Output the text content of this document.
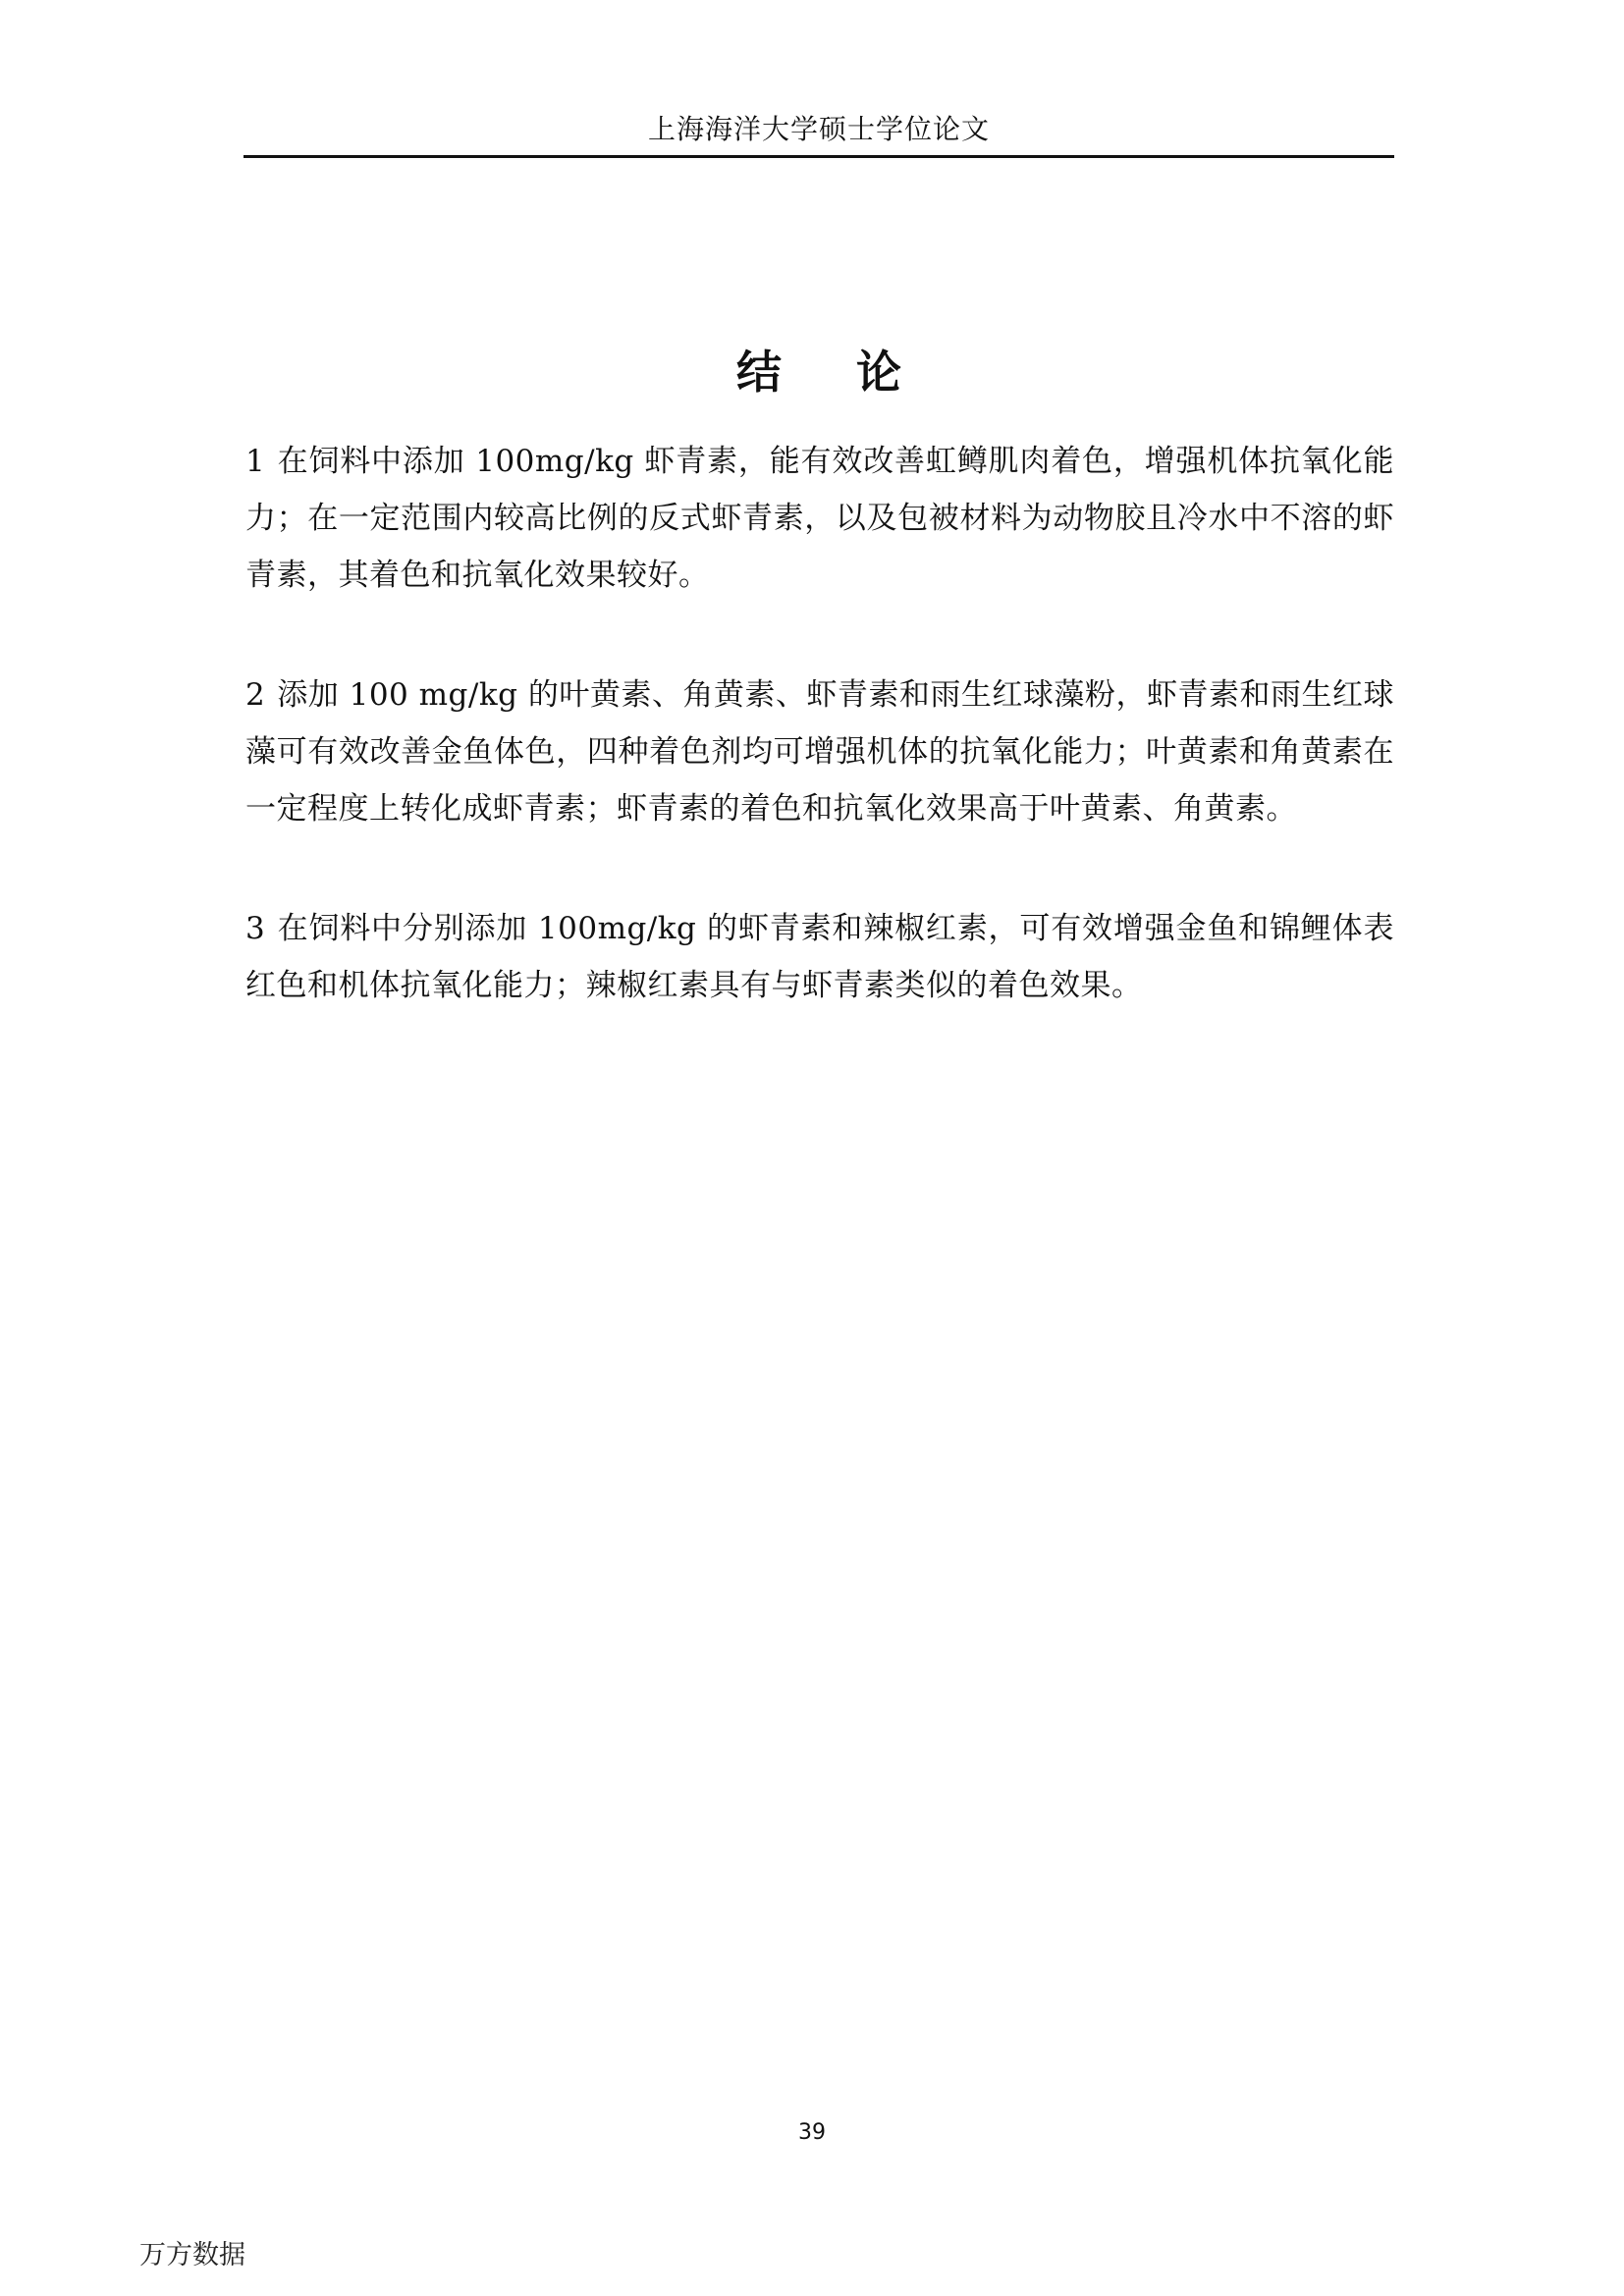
上海海洋大学硕士学位论文
结 论

1 在饲料中添加 100mg/kg 虾青素，能有效改善虹鳟肌肉着色，增强机体抗氧化能力；在一定范围内较高比例的反式虾青素，以及包被材料为动物胶且冷水中不溶的虾青素，其着色和抗氧化效果较好。

2 添加 100 mg/kg 的叶黄素、角黄素、虾青素和雨生红球藻粉，虾青素和雨生红球藻可有效改善金鱼体色，四种着色剂均可增强机体的抗氧化能力；叶黄素和角黄素在一定程度上转化成虾青素；虾青素的着色和抗氧化效果高于叶黄素、角黄素。

3 在饲料中分别添加 100mg/kg 的虾青素和辣椒红素，可有效增强金鱼和锦鲤体表红色和机体抗氧化能力；辣椒红素具有与虾青素类似的着色效果。

39
万方数据
